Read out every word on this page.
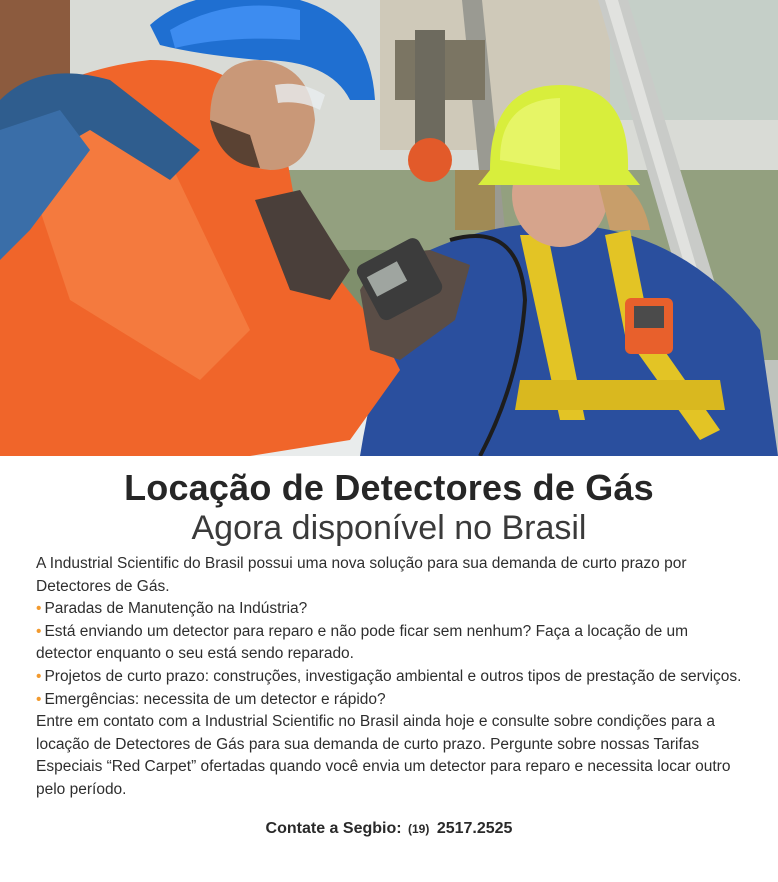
Locação de Detectores de Gás
Agora disponível no Brasil

A Industrial Scientific do Brasil possui uma nova solução para sua demanda de curto prazo por Detectores de Gás.

• Paradas de Manutenção na Indústria?

• Está enviando um detector para reparo e não pode ficar sem nenhum? Faça a locação de um detector enquanto o seu está sendo reparado.

• Projetos de curto prazo: construções, investigação ambiental e outros tipos de prestação de serviços.

• Emergências: necessita de um detector e rápido?

Entre em contato com a Industrial Scientific no Brasil ainda hoje e consulte sobre condições para a locação de Detectores de Gás para sua demanda de curto prazo. Pergunte sobre nossas Tarifas Especiais “Red Carpet” ofertadas quando você envia um detector para reparo e necessita locar outro pelo período.

Contate a Segbio: (19) 2517.2525
